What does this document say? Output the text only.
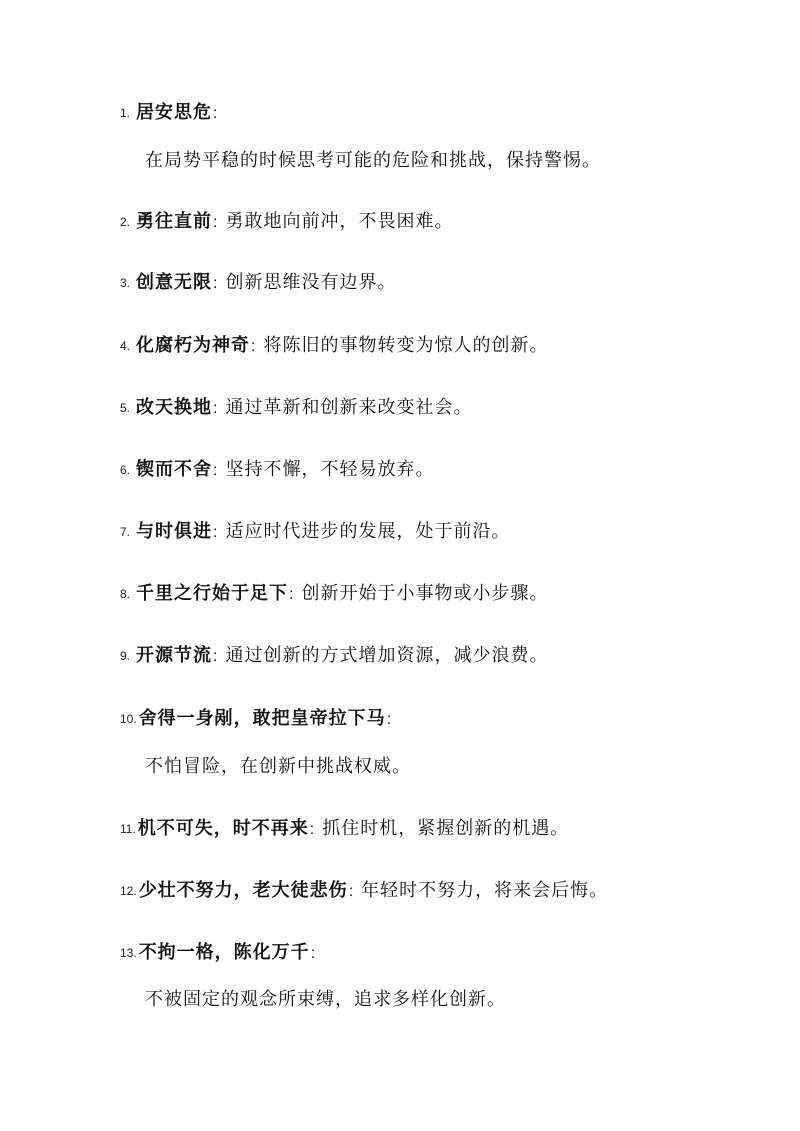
1. 居安思危:
在局势平稳的时候思考可能的危险和挑战，保持警惕。
2. 勇往直前: 勇敢地向前冲，不畏困难。
3. 创意无限: 创新思维没有边界。
4. 化腐朽为神奇: 将陈旧的事物转变为惊人的创新。
5. 改天换地: 通过革新和创新来改变社会。
6. 锲而不舍: 坚持不懈，不轻易放弃。
7. 与时俱进: 适应时代进步的发展，处于前沿。
8. 千里之行始于足下: 创新开始于小事物或小步骤。
9. 开源节流: 通过创新的方式增加资源，减少浪费。
10. 舍得一身剐，敢把皇帝拉下马:
不怕冒险，在创新中挑战权威。
11. 机不可失，时不再来: 抓住时机，紧握创新的机遇。
12. 少壮不努力，老大徒悲伤: 年轻时不努力，将来会后悔。
13. 不拘一格，陈化万千:
不被固定的观念所束缚，追求多样化创新。
